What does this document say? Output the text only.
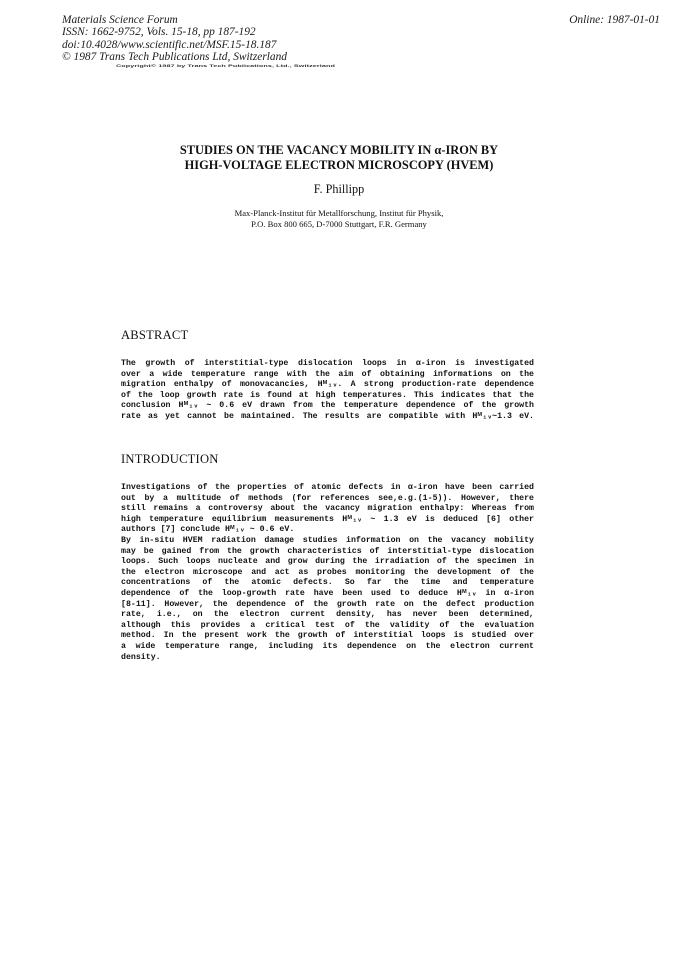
Materials Science Forum
ISSN: 1662-9752, Vols. 15-18, pp 187-192
doi:10.4028/www.scientific.net/MSF.15-18.187
© 1987 Trans Tech Publications Ltd, Switzerland
Online: 1987-01-01
Copyright© 1987 by Trans Tech Publications, Ltd., Switzerland
STUDIES ON THE VACANCY MOBILITY IN α-IRON BY
HIGH-VOLTAGE ELECTRON MICROSCOPY (HVEM)
F. Phillipp
Max-Planck-Institut für Metallforschung, Institut für Physik,
P.O. Box 800 665, D-7000 Stuttgart, F.R. Germany
ABSTRACT
The growth of interstitial-type dislocation loops in α-iron is investigated
over a wide temperature range with the aim of obtaining informations on the
migration enthalpy of monovacancies, Hᴹ₁ᵥ. A strong production-rate dependence
of the loop growth rate is found at high temperatures. This indicates that the
conclusion Hᴹ₁ᵥ ~ 0.6 eV drawn from the temperature dependence of the growth
rate as yet cannot be maintained. The results are compatible with Hᴹ₁ᵥ~1.3 eV.
INTRODUCTION
Investigations of the properties of atomic defects in α-iron have been carried
out by a multitude of methods (for references see,e.g.(1-5)). However, there
still remains a controversy about the vacancy migration enthalpy: Whereas from
high temperature equilibrium measurements Hᴹ₁ᵥ ~ 1.3 eV is deduced [6] other
authors [7] conclude Hᴹ₁ᵥ ~ 0.6 eV.
By in-situ HVEM radiation damage studies information on the vacancy mobility
may be gained from the growth characteristics of interstitial-type dislocation
loops. Such loops nucleate and grow during the irradiation of the specimen in
the electron microscope and act as probes monitoring the development of the
concentrations of the atomic defects. So far the time and temperature
dependence of the loop-growth rate have been used to deduce Hᴹ₁ᵥ in α-iron
[8-11]. However, the dependence of the growth rate on the defect production
rate, i.e., on the electron current density, has never been determined,
although this provides a critical test of the validity of the evaluation
method. In the present work the growth of interstitial loops is studied over
a wide temperature range, including its dependence on the electron current
density.
